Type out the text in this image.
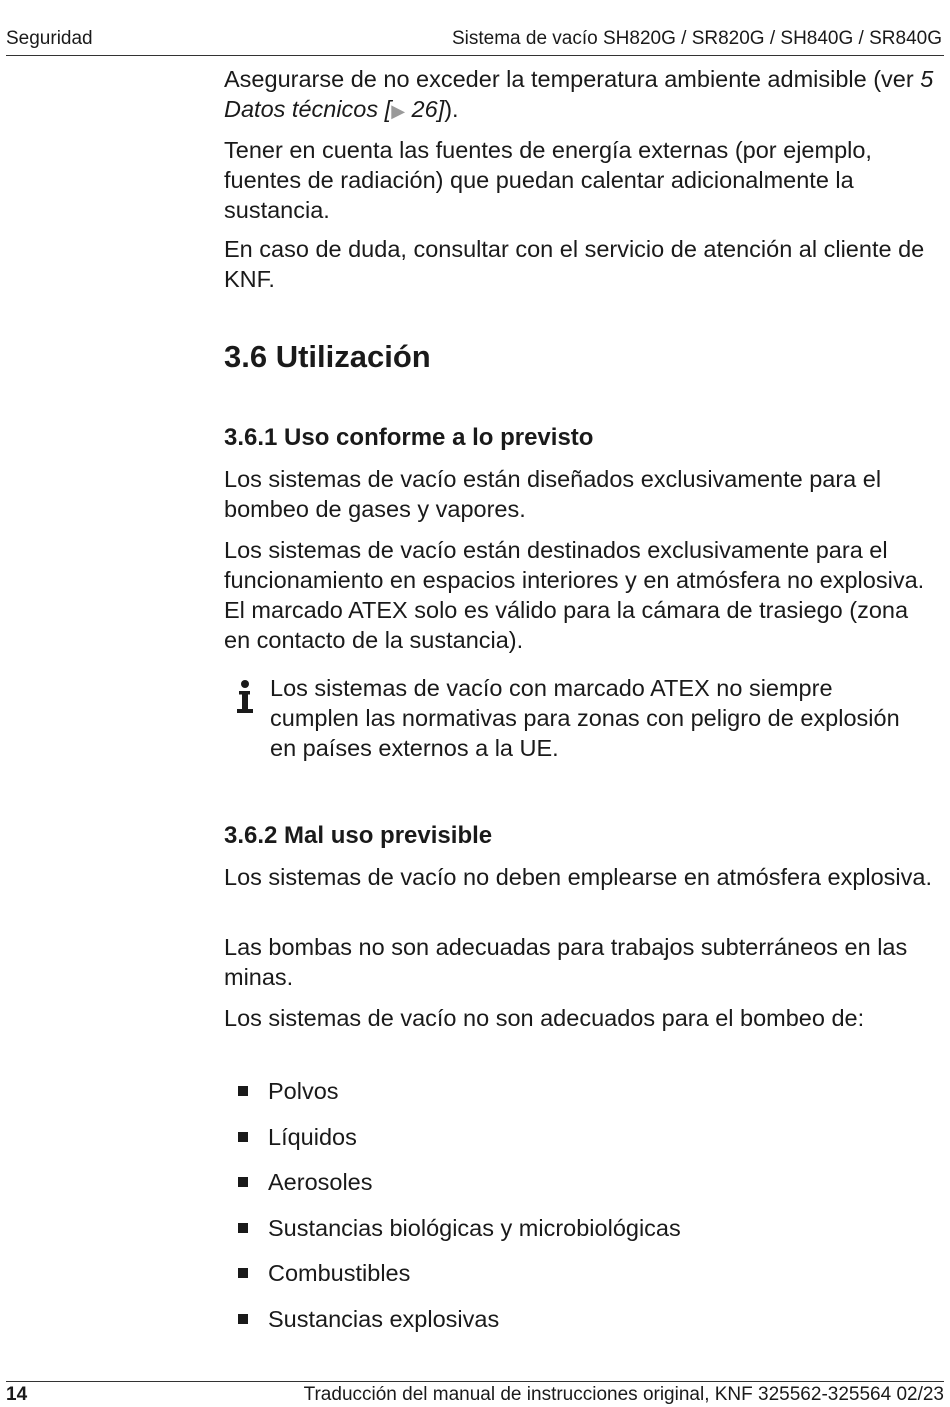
Seguridad	Sistema de vacío SH820G / SR820G / SH840G / SR840G

Asegurarse de no exceder la temperatura ambiente admisible (ver 5 Datos técnicos [▶ 26]).

Tener en cuenta las fuentes de energía externas (por ejemplo, fuentes de radiación) que puedan calentar adicionalmente la sustancia.

En caso de duda, consultar con el servicio de atención al cliente de KNF.

3.6 Utilización
3.6.1 Uso conforme a lo previsto

Los sistemas de vacío están diseñados exclusivamente para el bombeo de gases y vapores.

Los sistemas de vacío están destinados exclusivamente para el funcionamiento en espacios interiores y en atmósfera no explosiva. El marcado ATEX solo es válido para la cámara de trasiego (zona en contacto de la sustancia).

Los sistemas de vacío con marcado ATEX no siempre cumplen las normativas para zonas con peligro de explosión en países externos a la UE.

3.6.2 Mal uso previsible

Los sistemas de vacío no deben emplearse en atmósfera explosiva.

Las bombas no son adecuadas para trabajos subterráneos en las minas.

Los sistemas de vacío no son adecuados para el bombeo de:

Polvos
Líquidos
Aerosoles
Sustancias biológicas y microbiológicas
Combustibles
Sustancias explosivas
14	Traducción del manual de instrucciones original, KNF 325562-325564 02/23
